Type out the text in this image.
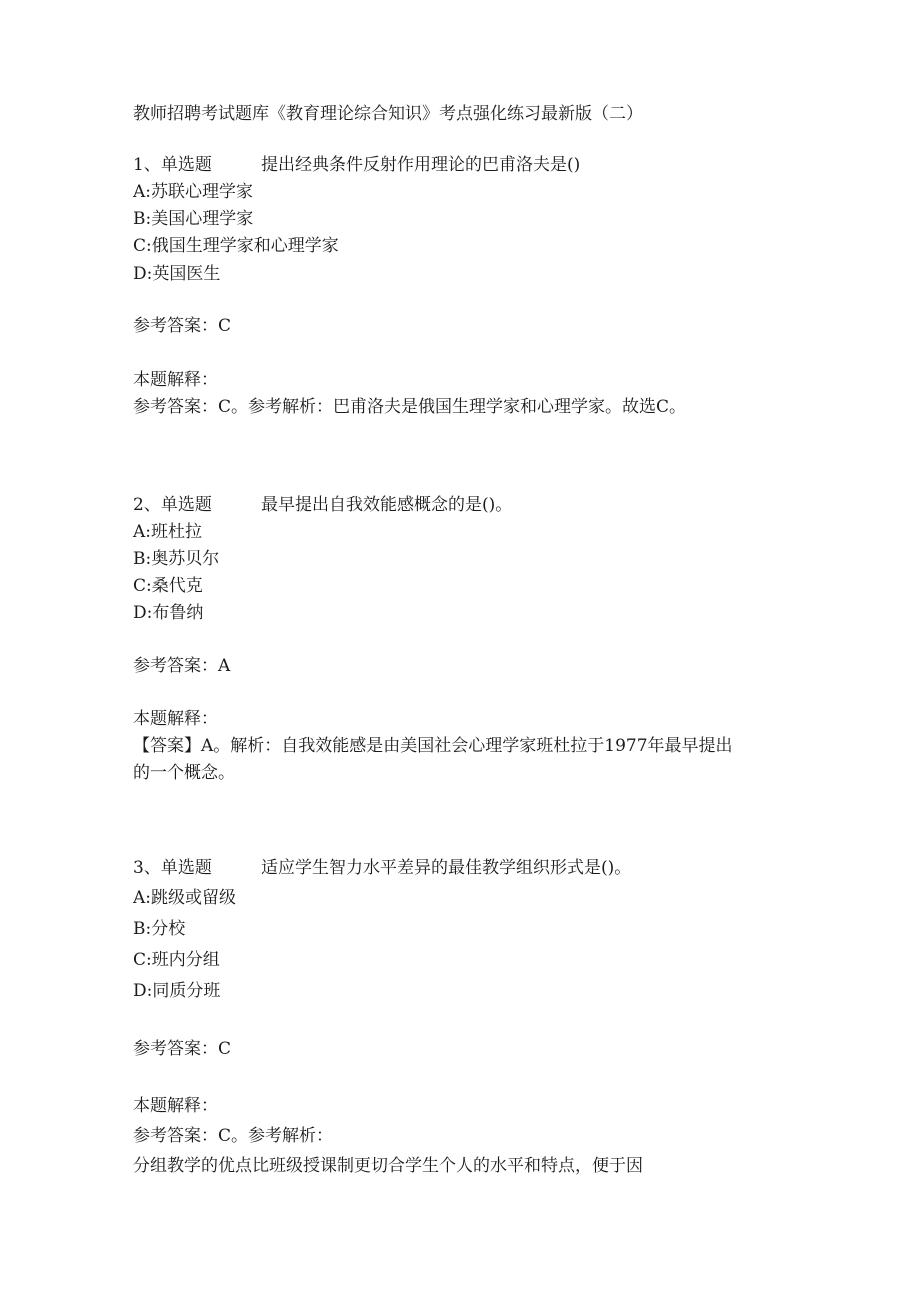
教师招聘考试题库《教育理论综合知识》考点强化练习最新版（二）
1、单选题	提出经典条件反射作用理论的巴甫洛夫是()
A:苏联心理学家
B:美国心理学家
C:俄国生理学家和心理学家
D:英国医生
参考答案：C
本题解释：
参考答案：C。参考解析：巴甫洛夫是俄国生理学家和心理学家。故选C。
2、单选题	最早提出自我效能感概念的是()。
A:班杜拉
B:奥苏贝尔
C:桑代克
D:布鲁纳
参考答案：A
本题解释：
【答案】A。解析：自我效能感是由美国社会心理学家班杜拉于1977年最早提出
的一个概念。
3、单选题	适应学生智力水平差异的最佳教学组织形式是()。
A:跳级或留级
B:分校
C:班内分组
D:同质分班
参考答案：C
本题解释：
参考答案：C。参考解析：
分组教学的优点比班级授课制更切合学生个人的水平和特点，便于因
